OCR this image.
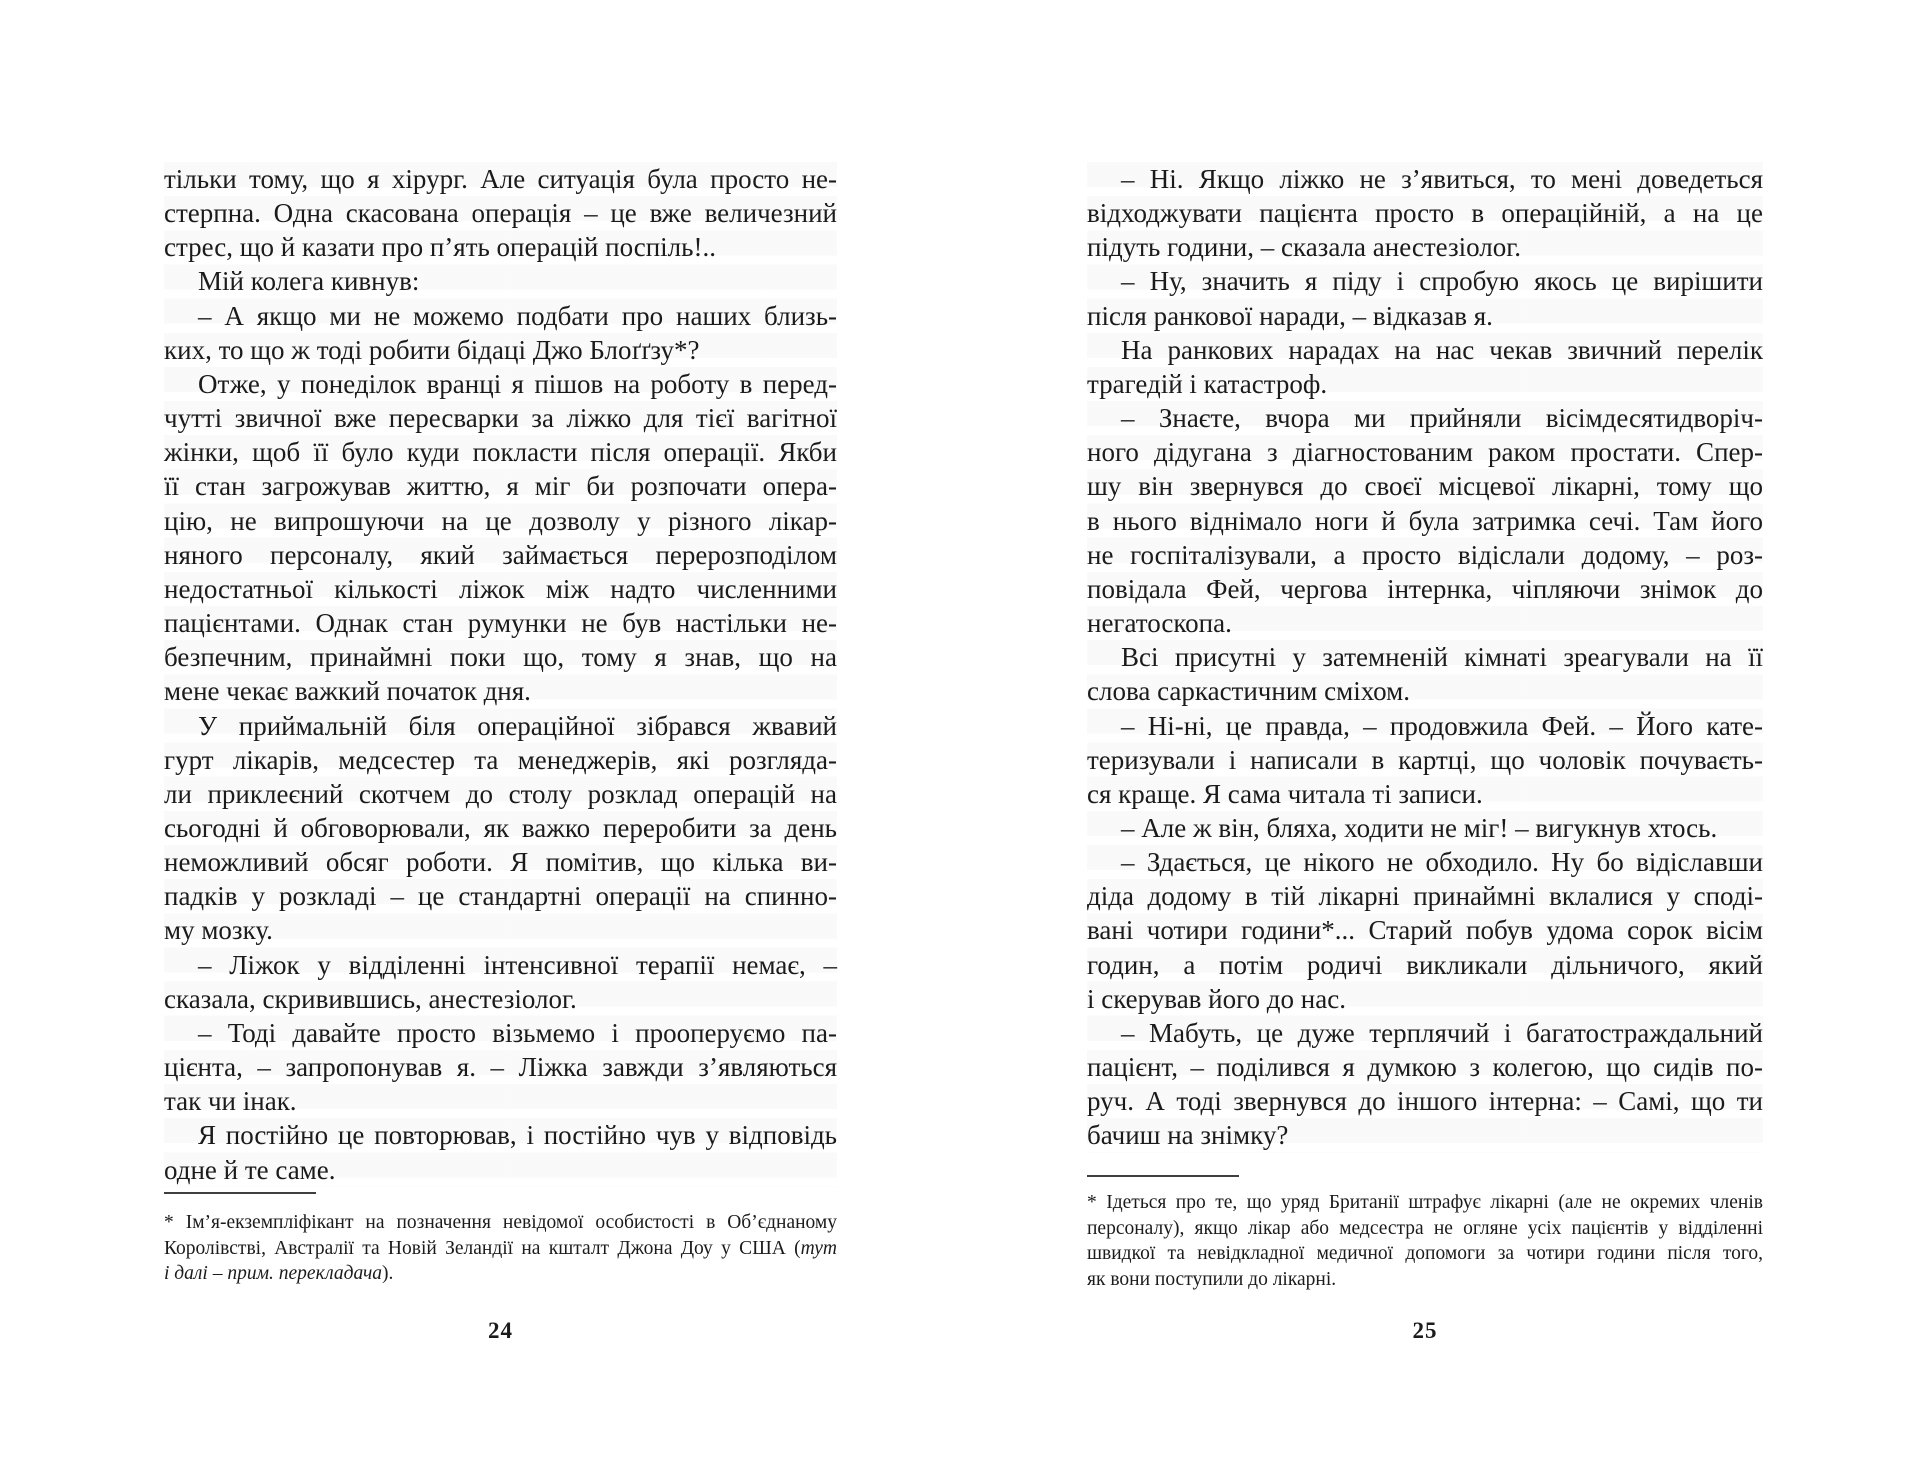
тільки тому, що я хірург. Але ситуація була просто не-
стерпна. Одна скасована операція – це вже величезний
стрес, що й казати про п’ять операцій поспіль!..
Мій колега кивнув:
– А якщо ми не можемо подбати про наших близь-
ких, то що ж тоді робити бідаці Джо Блоґґзу*?
Отже, у понеділок вранці я пішов на роботу в перед-
чутті звичної вже пересварки за ліжко для тієї вагітної
жінки, щоб її було куди покласти після операції. Якби
її стан загрожував життю, я міг би розпочати опера-
цію, не випрошуючи на це дозволу у різного лікар-
няного персоналу, який займається перерозподілом
недостатньої кількості ліжок між надто численними
пацієнтами. Однак стан румунки не був настільки не-
безпечним, принаймні поки що, тому я знав, що на
мене чекає важкий початок дня.
У приймальній біля операційної зібрався жвавий
гурт лікарів, медсестер та менеджерів, які розгляда-
ли приклеєний скотчем до столу розклад операцій на
сьогодні й обговорювали, як важко переробити за день
неможливий обсяг роботи. Я помітив, що кілька ви-
падків у розкладі – це стандартні операції на спинно-
му мозку.
– Ліжок у відділенні інтенсивної терапії немає, –
сказала, скривившись, анестезіолог.
– Тоді давайте просто візьмемо і прооперуємо па-
цієнта, – запропонував я. – Ліжка завжди з’являються
так чи інак.
Я постійно це повторював, і постійно чув у відповідь
одне й те саме.
* Ім’я-екземпліфікант на позначення невідомої особистості в Об’єднаному
Королівстві, Австралії та Новій Зеландії на кшталт Джона Доу у США (тут
і далі – прим. перекладача).
24
– Ні. Якщо ліжко не з’явиться, то мені доведеться
відходжувати пацієнта просто в операційній, а на це
підуть години, – сказала анестезіолог.
– Ну, значить я піду і спробую якось це вирішити
після ранкової наради, – відказав я.
На ранкових нарадах на нас чекав звичний перелік
трагедій і катастроф.
– Знаєте, вчора ми прийняли вісімдесятидворіч-
ного дідугана з діагностованим раком простати. Спер-
шу він звернувся до своєї місцевої лікарні, тому що
в нього віднімало ноги й була затримка сечі. Там його
не госпіталізували, а просто відіслали додому, – роз-
повідала Фей, чергова інтернка, чіпляючи знімок до
негатоскопа.
Всі присутні у затемненій кімнаті зреагували на її
слова саркастичним сміхом.
– Ні-ні, це правда, – продовжила Фей. – Його кате-
теризували і написали в картці, що чоловік почуваєть-
ся краще. Я сама читала ті записи.
– Але ж він, бляха, ходити не міг! – вигукнув хтось.
– Здається, це нікого не обходило. Ну бо відіславши
діда додому в тій лікарні принаймні вклалися у споді-
вані чотири години*... Старий побув удома сорок вісім
годин, а потім родичі викликали дільничого, який
і скерував його до нас.
– Мабуть, це дуже терплячий і багатостраждальний
пацієнт, – поділився я думкою з колегою, що сидів по-
руч. А тоді звернувся до іншого інтерна: – Самі, що ти
бачиш на знімку?
* Ідеться про те, що уряд Британії штрафує лікарні (але не окремих членів
персоналу), якщо лікар або медсестра не огляне усіх пацієнтів у відділенні
швидкої та невідкладної медичної допомоги за чотири години після того,
як вони поступили до лікарні.
25
